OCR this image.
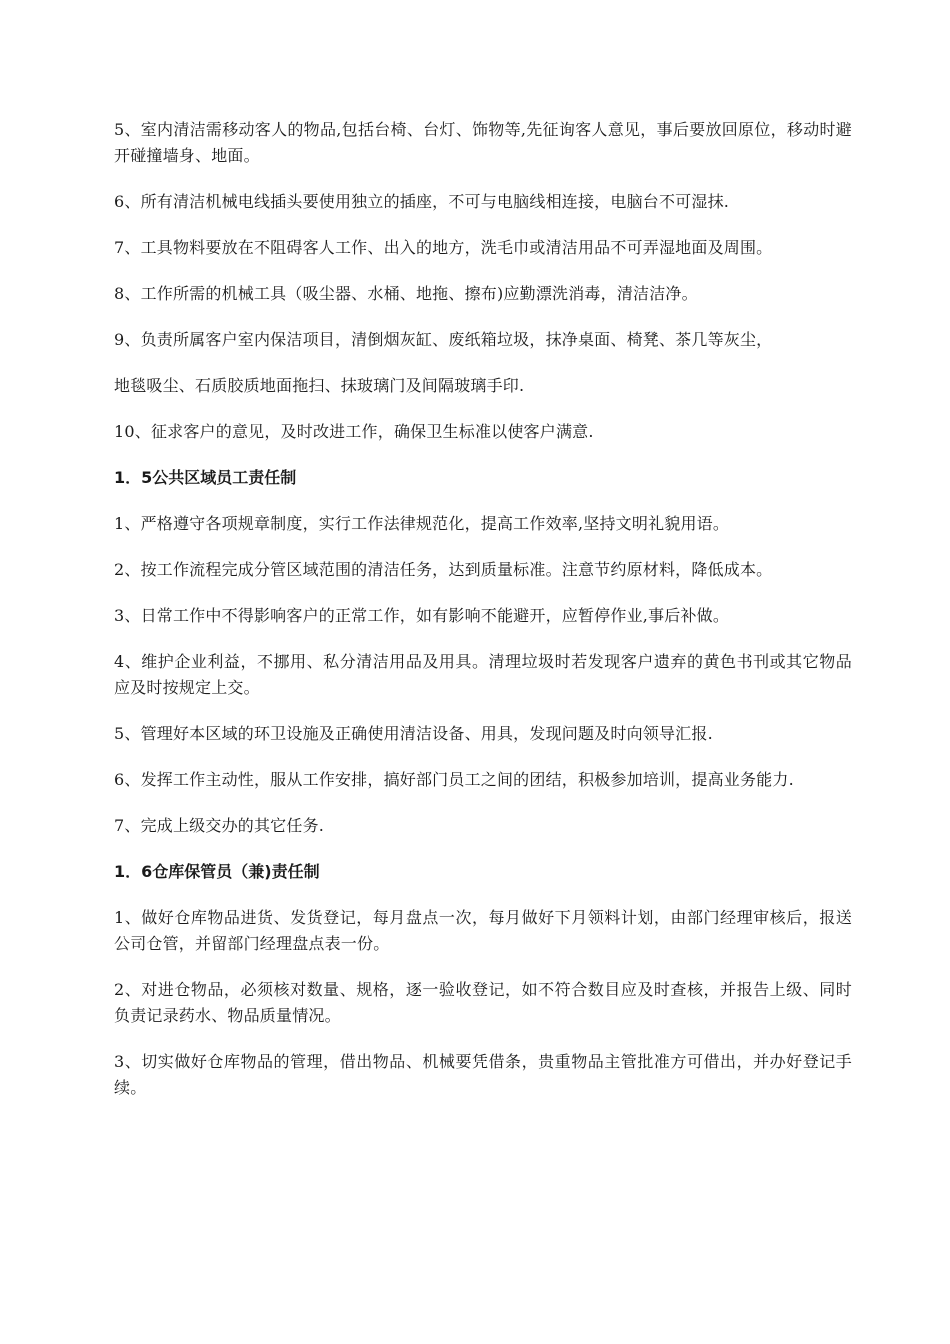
5、室内清洁需移动客人的物品,包括台椅、台灯、饰物等,先征询客人意见，事后要放回原位，移动时避开碰撞墙身、地面。

6、所有清洁机械电线插头要使用独立的插座，不可与电脑线相连接，电脑台不可湿抹.

7、工具物料要放在不阻碍客人工作、出入的地方，洗毛巾或清洁用品不可弄湿地面及周围。

8、工作所需的机械工具（吸尘器、水桶、地拖、擦布)应勤漂洗消毒，清洁洁净。

9、负责所属客户室内保洁项目，清倒烟灰缸、废纸箱垃圾，抹净桌面、椅凳、茶几等灰尘，

地毯吸尘、石质胶质地面拖扫、抹玻璃门及间隔玻璃手印.

10、征求客户的意见，及时改进工作，确保卫生标准以使客户满意.

1．5公共区域员工责任制

1、严格遵守各项规章制度，实行工作法律规范化，提高工作效率,坚持文明礼貌用语。

2、按工作流程完成分管区域范围的清洁任务，达到质量标准。注意节约原材料，降低成本。

3、日常工作中不得影响客户的正常工作，如有影响不能避开，应暂停作业,事后补做。

4、维护企业利益，不挪用、私分清洁用品及用具。清理垃圾时若发现客户遗弃的黄色书刊或其它物品应及时按规定上交。

5、管理好本区域的环卫设施及正确使用清洁设备、用具，发现问题及时向领导汇报.

6、发挥工作主动性，服从工作安排，搞好部门员工之间的团结，积极参加培训，提高业务能力.

7、完成上级交办的其它任务.

1．6仓库保管员（兼)责任制

1、做好仓库物品进货、发货登记，每月盘点一次，每月做好下月领料计划，由部门经理审核后，报送公司仓管，并留部门经理盘点表一份。

2、对进仓物品，必须核对数量、规格，逐一验收登记，如不符合数目应及时查核，并报告上级、同时负责记录药水、物品质量情况。

3、切实做好仓库物品的管理，借出物品、机械要凭借条，贵重物品主管批准方可借出，并办好登记手续。
